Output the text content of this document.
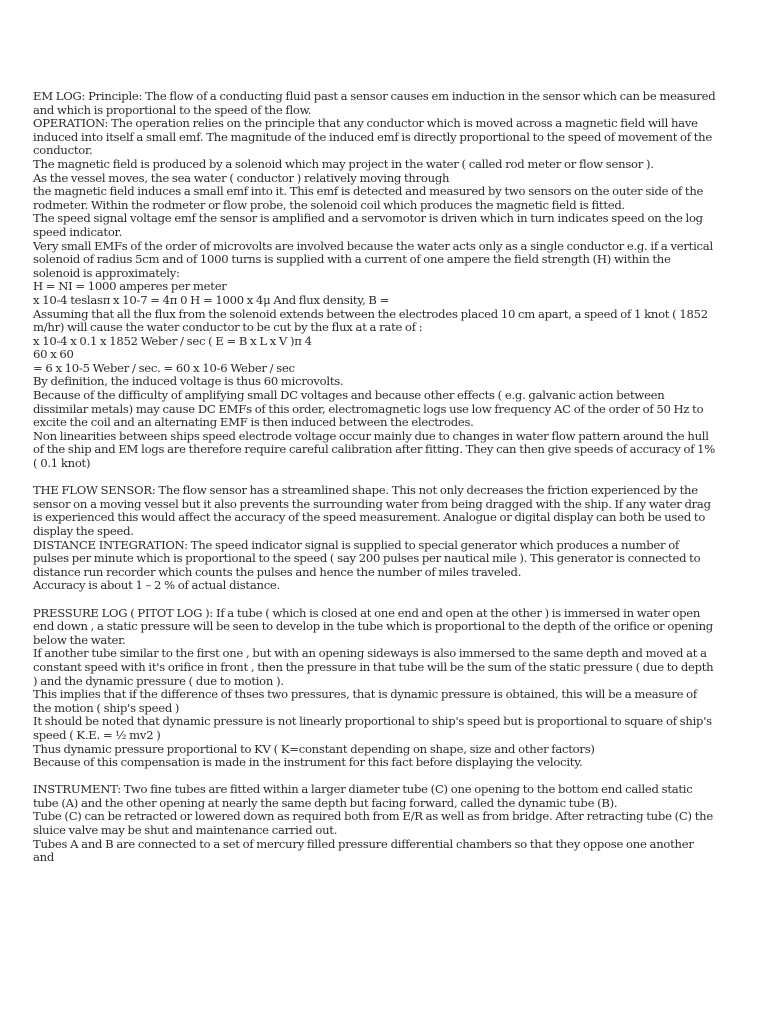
EM LOG: Principle: The flow of a conducting fluid past a sensor causes em induction in the sensor which can be measured and which is proportional to the speed of the flow.
OPERATION: The operation relies on the principle that any conductor which is moved across a magnetic field will have induced into itself a small emf. The magnitude of the induced emf is directly proportional to the speed of movement of the conductor.
The magnetic field is produced by a solenoid which may project in the water ( called rod meter or flow sensor ).
As the vessel moves, the sea water ( conductor ) relatively moving through
the magnetic field induces a small emf into it. This emf is detected and measured by two sensors on the outer side of the rodmeter. Within the rodmeter or flow probe, the solenoid coil which produces the magnetic field is fitted.
The speed signal voltage emf the sensor is amplified and a servomotor is driven which in turn indicates speed on the log speed indicator.
Very small EMFs of the order of microvolts are involved because the water acts only as a single conductor e.g. if a vertical solenoid of radius 5cm and of 1000 turns is supplied with a current of one ampere the field strength (H) within the solenoid is approximately:
H = NI = 1000 amperes per meter
x 10-4 teslasπ x 10-7 = 4π 0 H = 1000 x 4μ And flux density, B =
Assuming that all the flux from the solenoid extends between the electrodes placed 10 cm apart, a speed of 1 knot ( 1852 m/hr) will cause the water conductor to be cut by the flux at a rate of :
x 10-4 x 0.1 x 1852 Weber / sec ( E = B x L x V )π 4
60 x 60
= 6 x 10-5 Weber / sec. = 60 x 10-6 Weber / sec
By definition, the induced voltage is thus 60 microvolts.
Because of the difficulty of amplifying small DC voltages and because other effects ( e.g. galvanic action between dissimilar metals) may cause DC EMFs of this order, electromagnetic logs use low frequency AC of the order of 50 Hz to excite the coil and an alternating EMF is then induced between the electrodes.
Non linearities between ships speed electrode voltage occur mainly due to changes in water flow pattern around the hull of the ship and EM logs are therefore require careful calibration after fitting. They can then give speeds of accuracy of 1% ( 0.1 knot)
THE FLOW SENSOR: The flow sensor has a streamlined shape. This not only decreases the friction experienced by the sensor on a moving vessel but it also prevents the surrounding water from being dragged with the ship. If any water drag is experienced this would affect the accuracy of the speed measurement. Analogue or digital display can both be used to display the speed.
DISTANCE INTEGRATION: The speed indicator signal is supplied to special generator which produces a number of pulses per minute which is proportional to the speed ( say 200 pulses per nautical mile ). This generator is connected to distance run recorder which counts the pulses and hence the number of miles traveled.
Accuracy is about 1 – 2 % of actual distance.
PRESSURE LOG ( PITOT LOG ): If a tube ( which is closed at one end and open at the other ) is immersed in water open end down , a static pressure will be seen to develop in the tube which is proportional to the depth of the orifice or opening below the water.
If another tube similar to the first one , but with an opening sideways is also immersed to the same depth and moved at a constant speed with it's orifice in front , then the pressure in that tube will be the sum of the static pressure ( due to depth ) and the dynamic pressure ( due to motion ).
This implies that if the difference of thses two pressures, that is dynamic pressure is obtained, this will be a measure of the motion ( ship's speed )
It should be noted that dynamic pressure is not linearly proportional to ship's speed but is proportional to square of ship's speed ( K.E. = ½ mv2 )
Thus dynamic pressure proportional to KV ( K=constant depending on shape, size and other factors)
Because of this compensation is made in the instrument for this fact before displaying the velocity.
INSTRUMENT: Two fine tubes are fitted within a larger diameter tube (C) one opening to the bottom end called static tube (A) and the other opening at nearly the same depth but facing forward, called the dynamic tube (B).
Tube (C) can be retracted or lowered down as required both from E/R as well as from bridge. After retracting tube (C) the sluice valve may be shut and maintenance carried out.
Tubes A and B are connected to a set of mercury filled pressure differential chambers so that they oppose one another and
